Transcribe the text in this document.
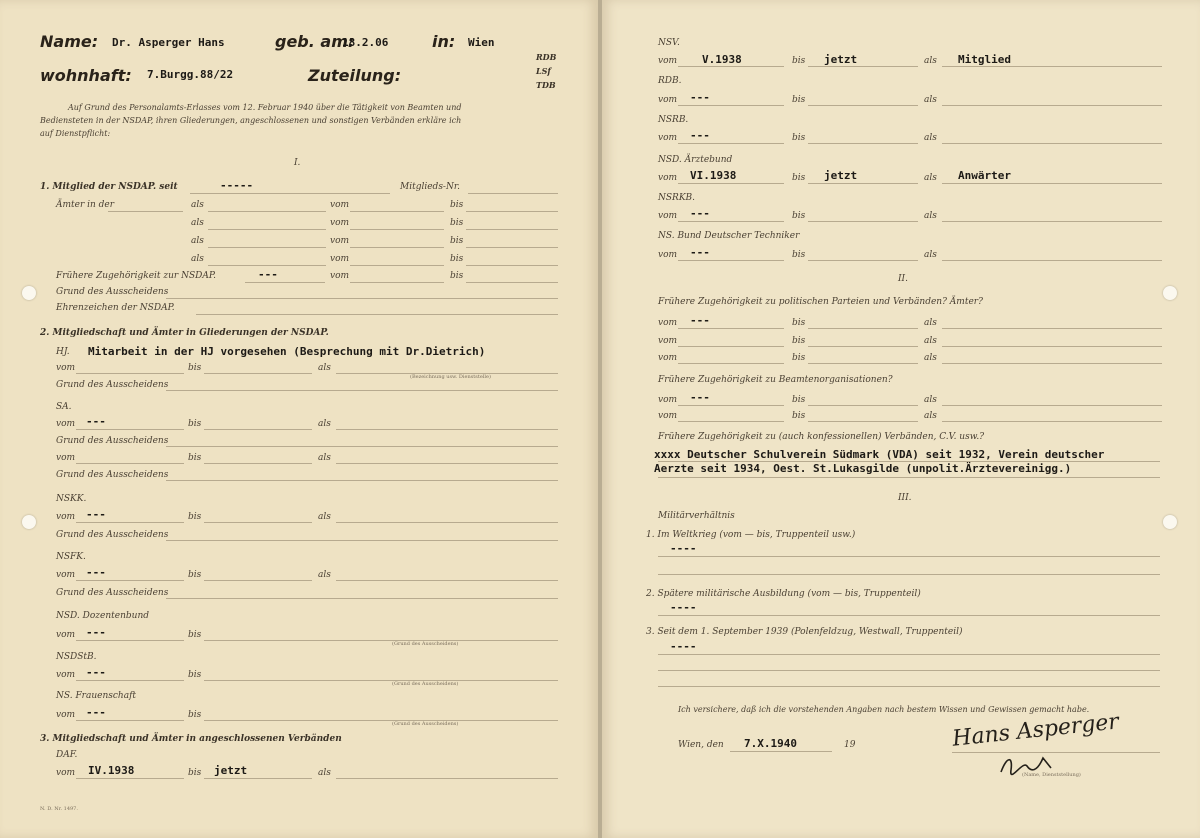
Name: Dr. Asperger Hans	geb. am:
18.2.06	in: Wien
wohnhaft: 7.Burgg.88/22	Zuteilung:
RDB
LSf
TDB
Auf Grund des Personalamts-Erlasses vom 12. Februar 1940 über die Tätigkeit von Beamten und
Bediensteten in der NSDAP, ihren Gliederungen, angeschlossenen und sonstigen Verbänden erkläre ich
auf Dienstpflicht:
I.
1. Mitglied der NSDAP. seit	-----	Mitglieds-Nr.
Ämter in der	als	vom	bis
als	vom	bis
als	vom	bis
als	vom	bis
Frühere Zugehörigkeit zur NSDAP.	---	vom	bis
Grund des Ausscheidens
Ehrenzeichen der NSDAP.
2. Mitgliedschaft und Ämter in Gliederungen der NSDAP.
HJ. Mitarbeit in der HJ vorgesehen (Besprechung mit Dr.Dietrich)
vom	bis	als
(Bezeichnung usw. Dienststelle)
Grund des Ausscheidens
SA.
vom ---	bis	als
Grund des Ausscheidens
vom	bis	als
Grund des Ausscheidens
NSKK.
vom ---	bis	als
Grund des Ausscheidens
NSFK.
vom ---	bis	als
Grund des Ausscheidens
NSD. Dozentenbund
vom ---	bis
(Grund des Ausscheidens)
NSDStB.
vom ---	bis
(Grund des Ausscheidens)
NS. Frauenschaft
vom ---	bis
(Grund des Ausscheidens)
3. Mitgliedschaft und Ämter in angeschlossenen Verbänden
DAF.
vom IV.1938	bis jetzt	als
N. D. Nr. 1497.
NSV.
vom V.1938	bis jetzt	als Mitglied
RDB.
vom ---	bis	als
NSRB.
vom ---	bis	als
NSD. Ärztebund
vom VI.1938	bis jetzt	als Anwärter
NSRKB.
vom ---	bis	als
NS. Bund Deutscher Techniker
vom ---	bis	als
II.
Frühere Zugehörigkeit zu politischen Parteien und Verbänden? Ämter?
vom ---	bis	als
vom	bis	als
vom	bis	als
Frühere Zugehörigkeit zu Beamtenorganisationen?
vom ---	bis	als
vom	bis	als
Frühere Zugehörigkeit zu (auch konfessionellen) Verbänden, C.V. usw.?
xxxx Deutscher Schulverein Südmark (VDA) seit 1932, Verein deutscher
Aerzte seit 1934, Oest. St.Lukasgilde (unpolit.Ärztevereinigg.)
III.
Militärverhältnis
1. Im Weltkrieg (vom — bis, Truppenteil usw.)
----
2. Spätere militärische Ausbildung (vom — bis, Truppenteil)
----
3. Seit dem 1. September 1939 (Polenfeldzug, Westwall, Truppenteil)
----
Ich versichere, daß ich die vorstehenden Angaben nach bestem Wissen und Gewissen gemacht habe.
Wien, den 7.X.1940	19	Hans Asperger
(Name, Dienststellung)
